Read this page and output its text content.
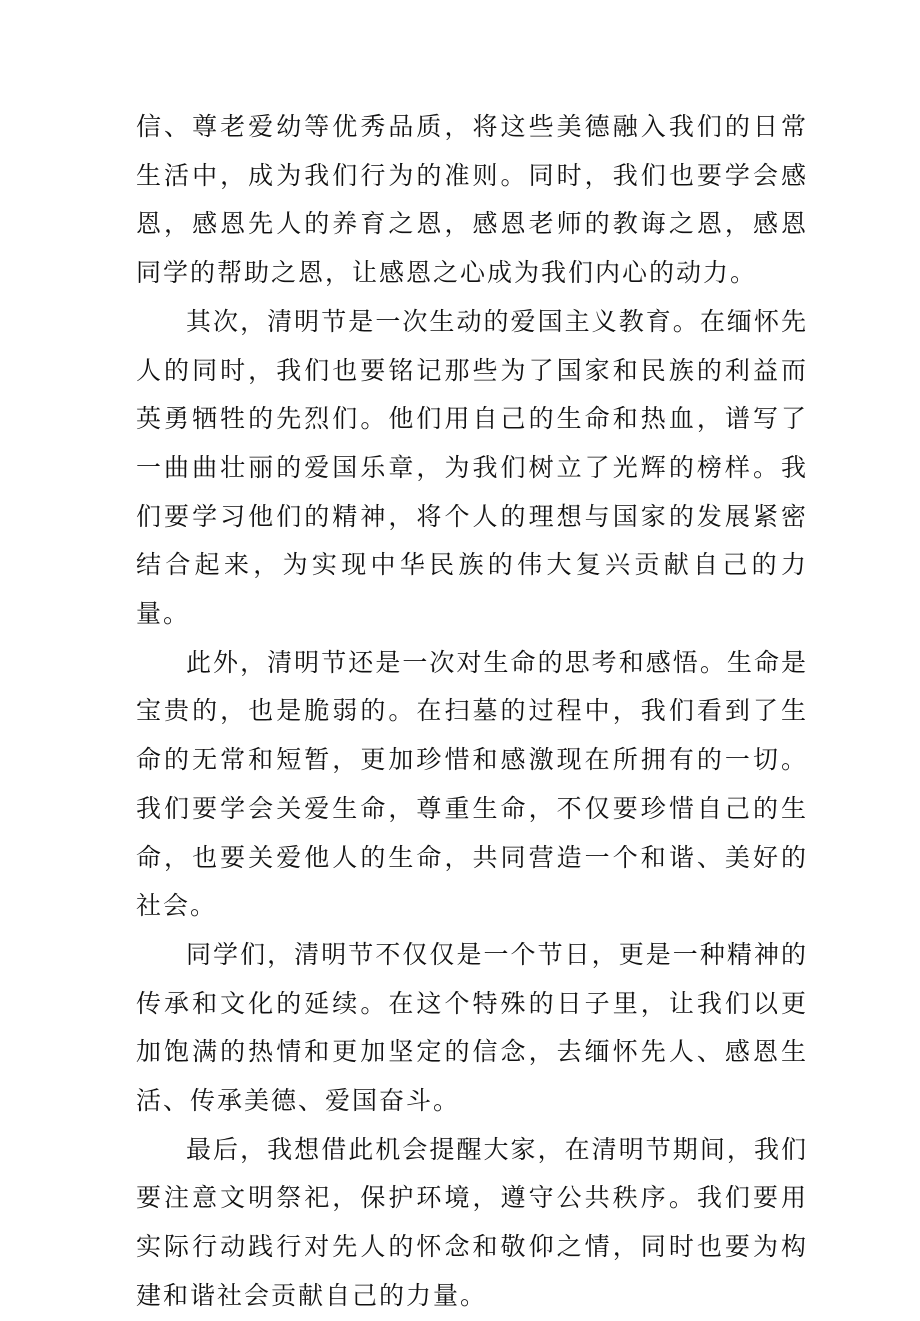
信、尊老爱幼等优秀品质，将这些美德融入我们的日常生活中，成为我们行为的准则。同时，我们也要学会感恩，感恩先人的养育之恩，感恩老师的教诲之恩，感恩同学的帮助之恩，让感恩之心成为我们内心的动力。

其次，清明节是一次生动的爱国主义教育。在缅怀先人的同时，我们也要铭记那些为了国家和民族的利益而英勇牺牲的先烈们。他们用自己的生命和热血，谱写了一曲曲壮丽的爱国乐章，为我们树立了光辉的榜样。我们要学习他们的精神，将个人的理想与国家的发展紧密结合起来，为实现中华民族的伟大复兴贡献自己的力量。

此外，清明节还是一次对生命的思考和感悟。生命是宝贵的，也是脆弱的。在扫墓的过程中，我们看到了生命的无常和短暂，更加珍惜和感激现在所拥有的一切。我们要学会关爱生命，尊重生命，不仅要珍惜自己的生命，也要关爱他人的生命，共同营造一个和谐、美好的社会。

同学们，清明节不仅仅是一个节日，更是一种精神的传承和文化的延续。在这个特殊的日子里，让我们以更加饱满的热情和更加坚定的信念，去缅怀先人、感恩生活、传承美德、爱国奋斗。

最后，我想借此机会提醒大家，在清明节期间，我们要注意文明祭祀，保护环境，遵守公共秩序。我们要用实际行动践行对先人的怀念和敬仰之情，同时也要为构建和谐社会贡献自己的力量。
